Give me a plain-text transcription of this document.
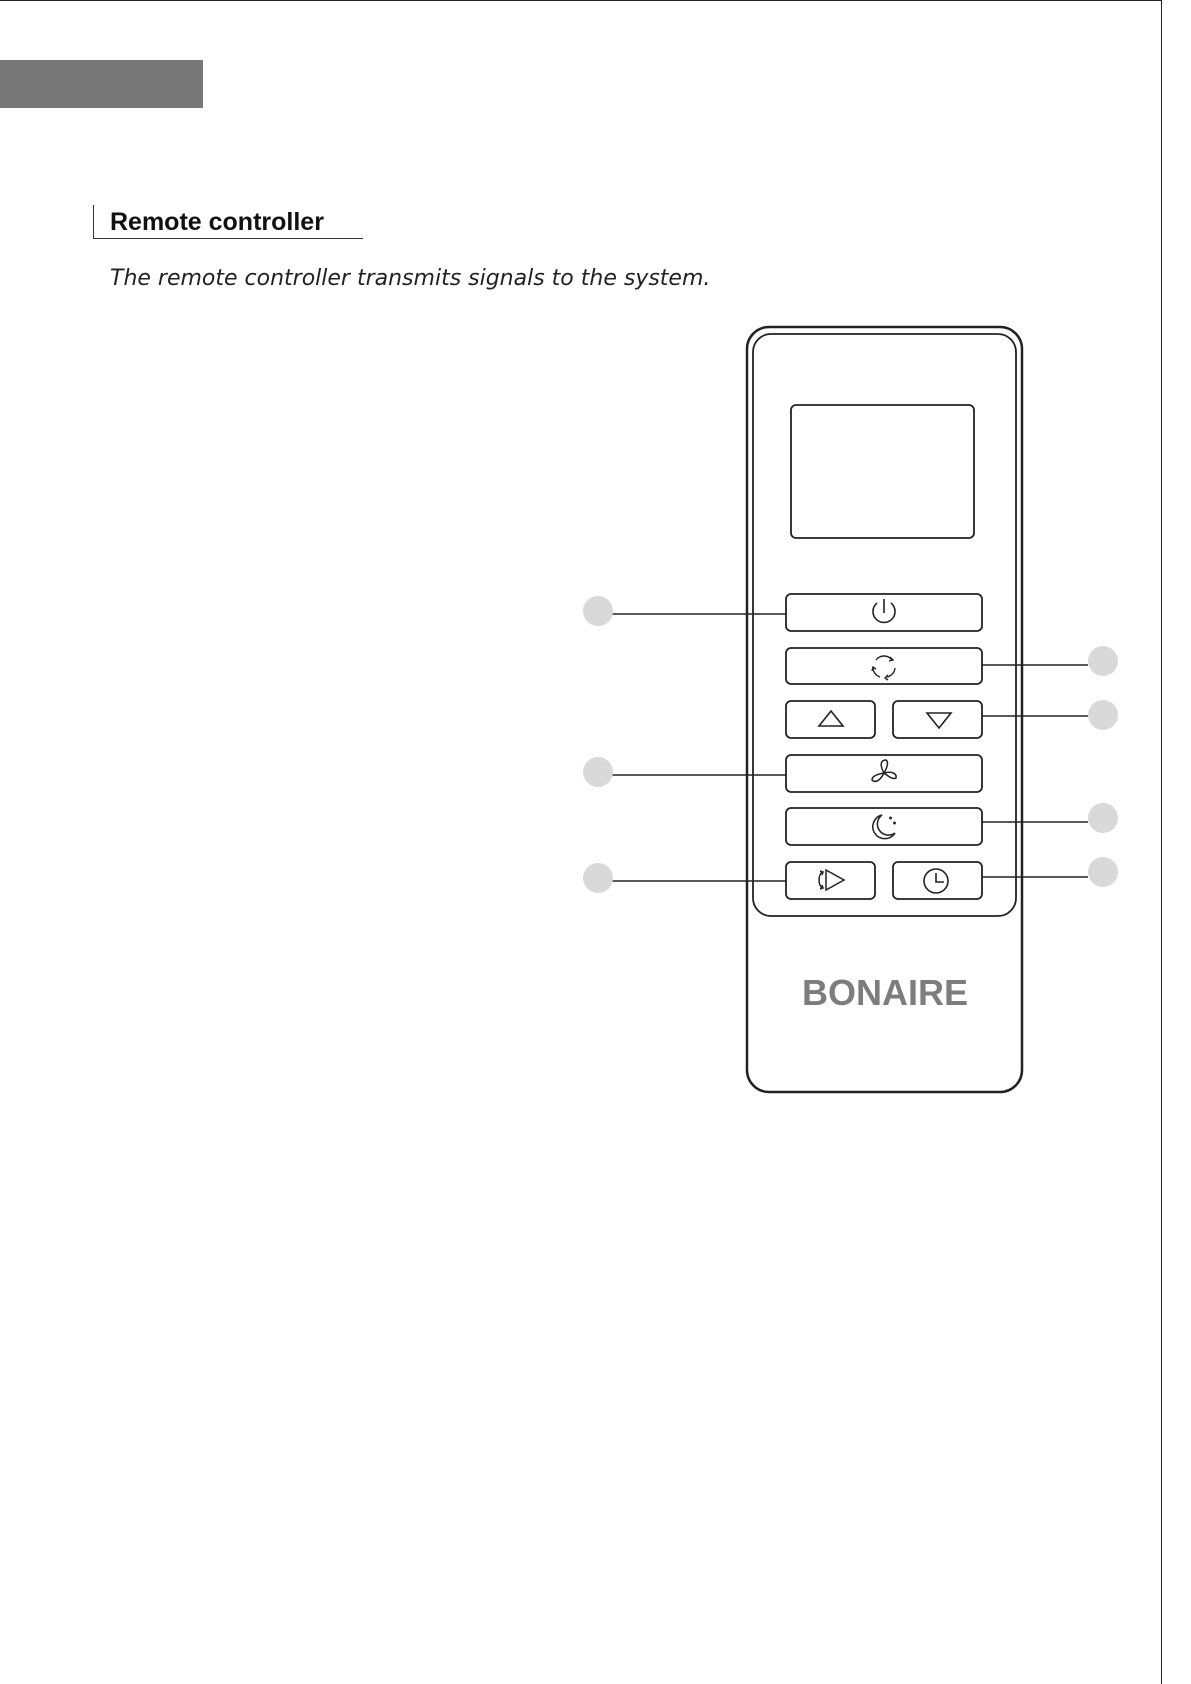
Remote controller
The remote controller transmits signals to the system.
BONAIRE
